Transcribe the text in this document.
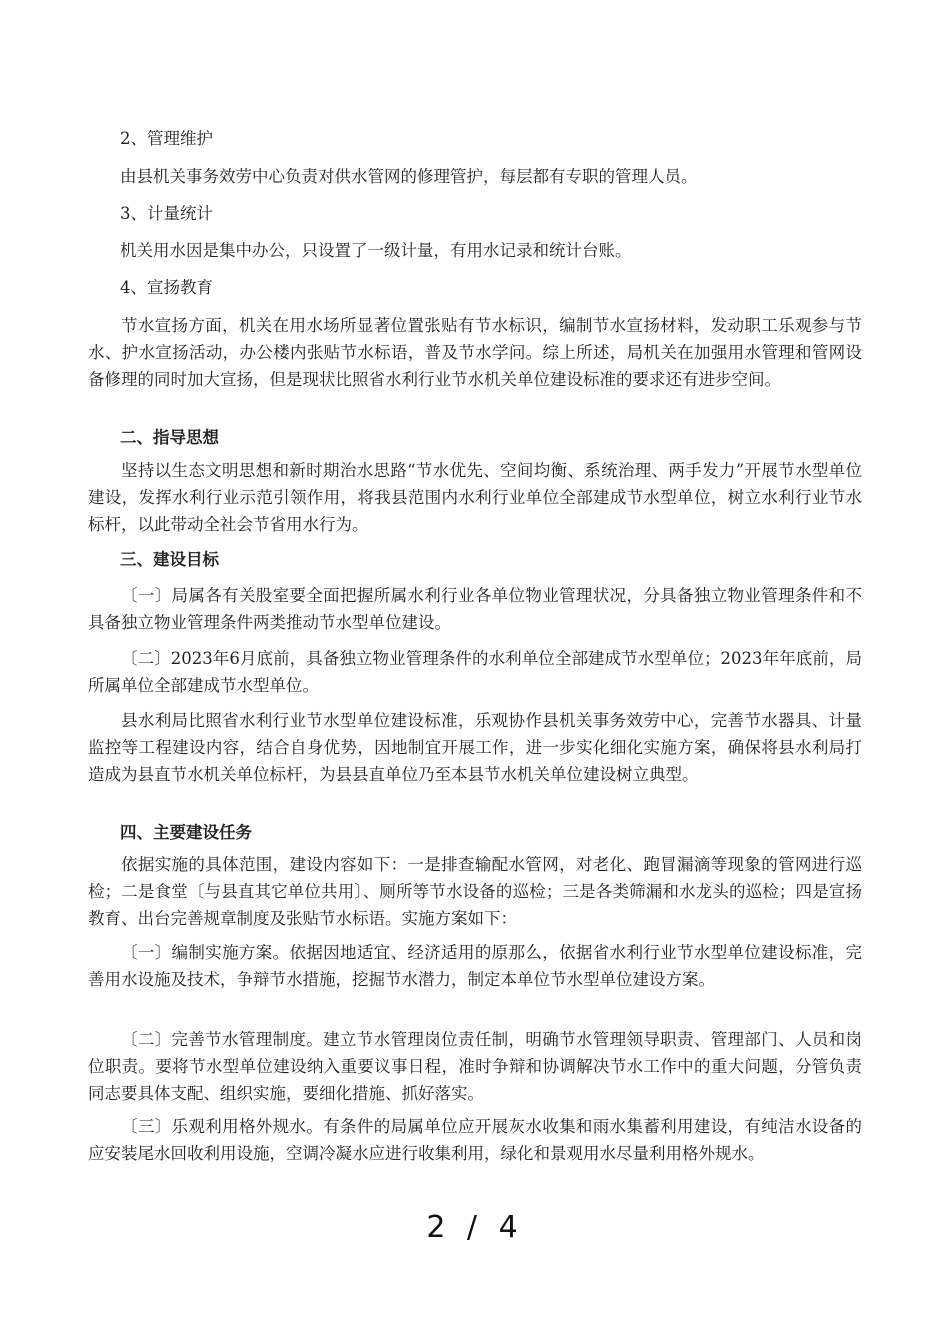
2、管理维护
由县机关事务效劳中心负责对供水管网的修理管护，每层都有专职的管理人员。
3、计量统计
机关用水因是集中办公，只设置了一级计量，有用水记录和统计台账。
4、宣扬教育
节水宣扬方面，机关在用水场所显著位置张贴有节水标识，编制节水宣扬材料，发动职工乐观参与节水、护水宣扬活动，办公楼内张贴节水标语，普及节水学问。综上所述，局机关在加强用水管理和管网设备修理的同时加大宣扬，但是现状比照省水利行业节水机关单位建设标准的要求还有进步空间。
二、指导思想
坚持以生态文明思想和新时期治水思路“节水优先、空间均衡、系统治理、两手发力”开展节水型单位建设，发挥水利行业示范引领作用，将我县范围内水利行业单位全部建成节水型单位，树立水利行业节水标杆，以此带动全社会节省用水行为。
三、建设目标
〔一〕局属各有关股室要全面把握所属水利行业各单位物业管理状况，分具备独立物业管理条件和不具备独立物业管理条件两类推动节水型单位建设。
〔二〕2023年6月底前，具备独立物业管理条件的水利单位全部建成节水型单位；2023年年底前，局所属单位全部建成节水型单位。
县水利局比照省水利行业节水型单位建设标准，乐观协作县机关事务效劳中心，完善节水器具、计量监控等工程建设内容，结合自身优势，因地制宜开展工作，进一步实化细化实施方案，确保将县水利局打造成为县直节水机关单位标杆，为县县直单位乃至本县节水机关单位建设树立典型。
四、主要建设任务
依据实施的具体范围，建设内容如下：一是排查输配水管网，对老化、跑冒漏滴等现象的管网进行巡检；二是食堂〔与县直其它单位共用〕、厕所等节水设备的巡检；三是各类筛漏和水龙头的巡检；四是宣扬教育、出台完善规章制度及张贴节水标语。实施方案如下：
〔一〕编制实施方案。依据因地适宜、经济适用的原那么，依据省水利行业节水型单位建设标准，完善用水设施及技术，争辩节水措施，挖掘节水潜力，制定本单位节水型单位建设方案。
〔二〕完善节水管理制度。建立节水管理岗位责任制，明确节水管理领导职责、管理部门、人员和岗位职责。要将节水型单位建设纳入重要议事日程，准时争辩和协调解决节水工作中的重大问题，分管负责同志要具体支配、组织实施，要细化措施、抓好落实。
〔三〕乐观利用格外规水。有条件的局属单位应开展灰水收集和雨水集蓄利用建设，有纯洁水设备的应安装尾水回收利用设施，空调冷凝水应进行收集利用，绿化和景观用水尽量利用格外规水。
2 / 4
